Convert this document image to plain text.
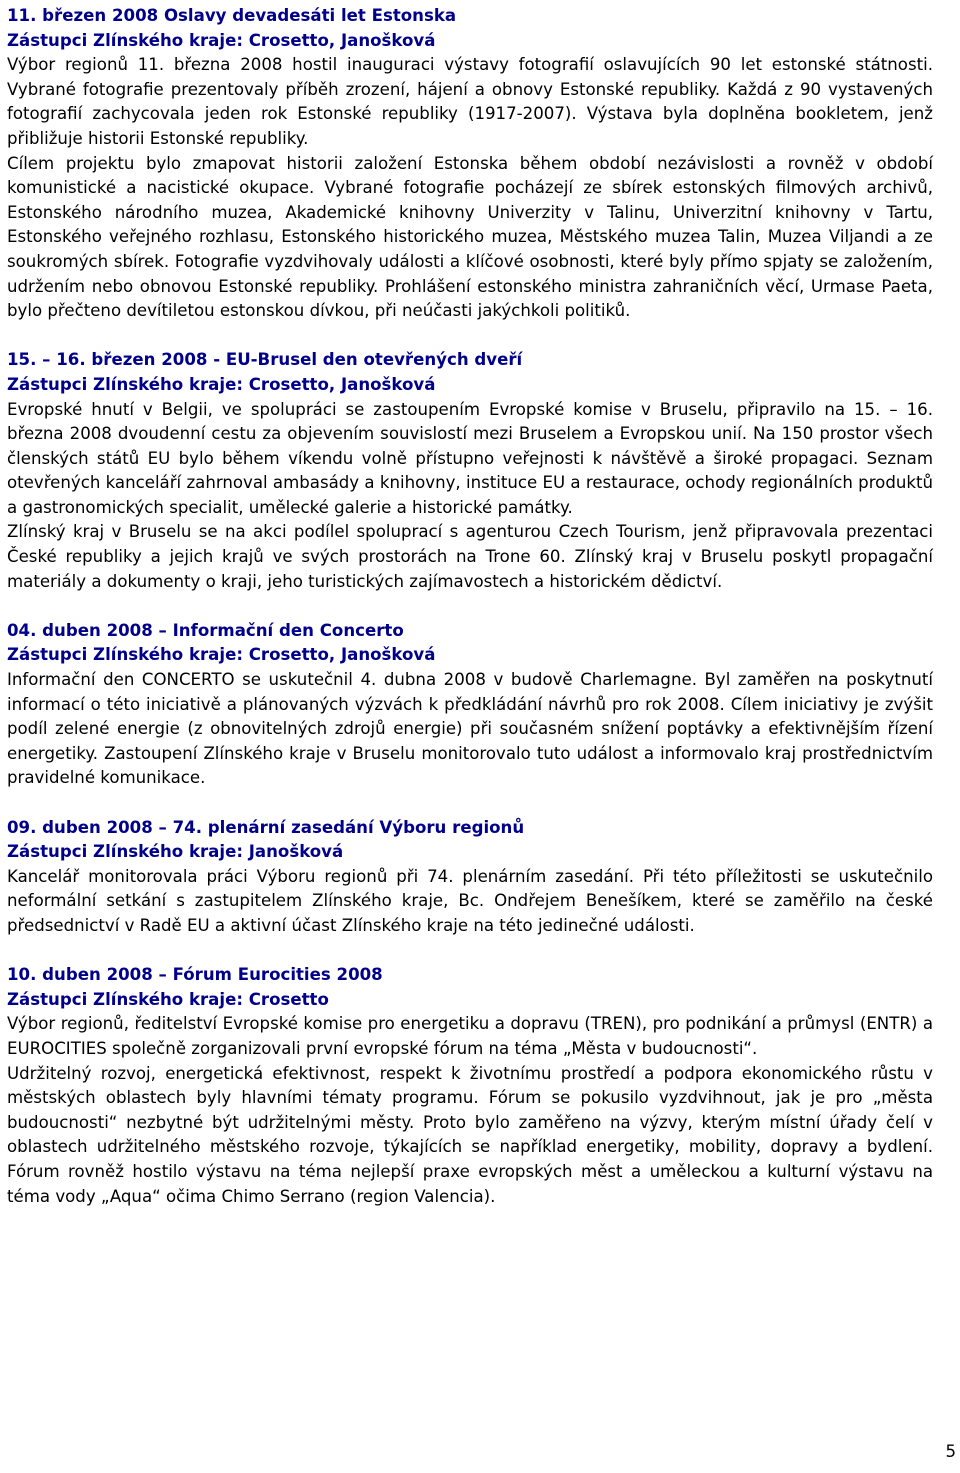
11. březen 2008 Oslavy devadesáti let Estonska

Zástupci Zlínského kraje: Crosetto, Janošková

Výbor regionů 11. března 2008 hostil inauguraci výstavy fotografií oslavujících 90 let estonské státnosti. Vybrané fotografie prezentovaly příběh zrození, hájení a obnovy Estonské republiky. Každá z 90 vystavených fotografií zachycovala jeden rok Estonské republiky (1917-2007). Výstava byla doplněna bookletem, jenž přibližuje historii Estonské republiky.

Cílem projektu bylo zmapovat historii založení Estonska během období nezávislosti a rovněž v období komunistické a nacistické okupace. Vybrané fotografie pocházejí ze sbírek estonských filmových archivů, Estonského národního muzea, Akademické knihovny Univerzity v Talinu, Univerzitní knihovny v Tartu, Estonského veřejného rozhlasu, Estonského historického muzea, Městského muzea Talin, Muzea Viljandi a ze soukromých sbírek. Fotografie vyzdvihovaly události a klíčové osobnosti, které byly přímo spjaty se založením, udržením nebo obnovou Estonské republiky. Prohlášení estonského ministra zahraničních věcí, Urmase Paeta, bylo přečteno devítiletou estonskou dívkou, při neúčasti jakýchkoli politiků.

15. – 16. březen 2008 - EU-Brusel den otevřených dveří

Zástupci Zlínského kraje: Crosetto, Janošková

Evropské hnutí v Belgii, ve spolupráci se zastoupením Evropské komise v Bruselu, připravilo na 15. – 16. března 2008 dvoudenní cestu za objevením souvislostí mezi Bruselem a Evropskou unií. Na 150 prostor všech členských států EU bylo během víkendu volně přístupno veřejnosti k návštěvě a široké propagaci. Seznam otevřených kanceláří zahrnoval ambasády a knihovny, instituce EU a restaurace, ochody regionálních produktů a gastronomických specialit, umělecké galerie a historické památky.

Zlínský kraj v Bruselu se na akci podílel spoluprací s agenturou Czech Tourism, jenž připravovala prezentaci České republiky a jejich krajů ve svých prostorách na Trone 60. Zlínský kraj v Bruselu poskytl propagační materiály a dokumenty o kraji, jeho turistických zajímavostech a historickém dědictví.

04. duben 2008 – Informační den Concerto

Zástupci Zlínského kraje: Crosetto, Janošková

Informační den CONCERTO se uskutečnil 4. dubna 2008 v budově Charlemagne. Byl zaměřen na poskytnutí informací o této iniciativě a plánovaných výzvách k předkládání návrhů pro rok 2008. Cílem iniciativy je zvýšit podíl zelené energie (z obnovitelných zdrojů energie) při současném snížení poptávky a efektivnějším řízení energetiky. Zastoupení Zlínského kraje v Bruselu monitorovalo tuto událost a informovalo kraj prostřednictvím pravidelné komunikace.

09. duben 2008 – 74. plenární zasedání Výboru regionů

Zástupci Zlínského kraje: Janošková

Kancelář monitorovala práci Výboru regionů při 74. plenárním zasedání. Při této příležitosti se uskutečnilo neformální setkání s zastupitelem Zlínského kraje, Bc. Ondřejem Benešíkem, které se zaměřilo na české předsednictví v Radě EU a aktivní účast Zlínského kraje na této jedinečné události.

10. duben 2008 – Fórum Eurocities 2008

Zástupci Zlínského kraje: Crosetto

Výbor regionů, ředitelství Evropské komise pro energetiku a dopravu (TREN), pro podnikání a průmysl (ENTR) a EUROCITIES společně zorganizovali první evropské fórum na téma „Města v budoucnosti“.

Udržitelný rozvoj, energetická efektivnost, respekt k životnímu prostředí a podpora ekonomického růstu v městských oblastech byly hlavními tématy programu. Fórum se pokusilo vyzdvihnout, jak je pro „města budoucnosti“ nezbytné být udržitelnými městy. Proto bylo zaměřeno na výzvy, kterým místní úřady čelí v oblastech udržitelného městského rozvoje, týkajících se například energetiky, mobility, dopravy a bydlení. Fórum rovněž hostilo výstavu na téma nejlepší praxe evropských měst a uměleckou a kulturní výstavu na téma vody „Aqua“ očima Chimo Serrano (region Valencia).

5
